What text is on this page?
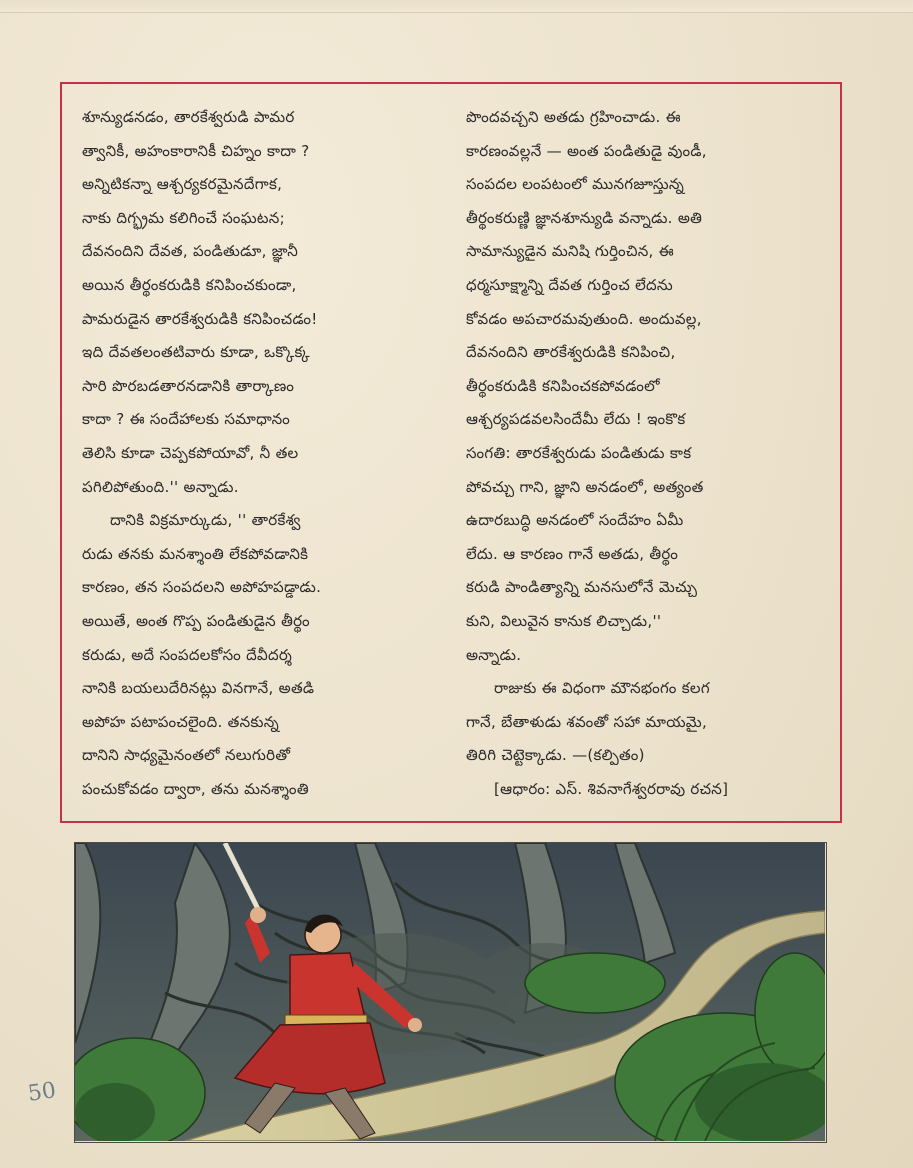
శూన్యుడనడం, తారకేశ్వరుడి పామర
త్వానికీ, అహంకారానికీ చిహ్నం కాదా ?
అన్నిటికన్నా ఆశ్చర్యకరమైనదేగాక,
నాకు దిగ్భ్రమ కలిగించే సంఘటన;
దేవనందిని దేవత, పండితుడూ, జ్ఞానీ
అయిన తీర్థంకరుడికి కనిపించకుండా,
పామరుడైన తారకేశ్వరుడికి కనిపించడం!
ఇది దేవతలంతటివారు కూడా, ఒక్కొక్క
సారి పొరబడతారనడానికి తార్కాణం
కాదా ? ఈ సందేహాలకు సమాధానం
తెలిసి కూడా చెప్పకపోయావో, నీ తల
పగిలిపోతుంది.'' అన్నాడు.
దానికి విక్రమార్కుడు, '' తారకేశ్వ
రుడు తనకు మనశ్శాంతి లేకపోవడానికి
కారణం, తన సంపదలని అపోహపడ్డాడు.
అయితే, అంత గొప్ప పండితుడైన తీర్థం
కరుడు, అదే సంపదలకోసం దేవీదర్శ
నానికి బయలుదేరినట్లు వినగానే, అతడి
అపోహ పటాపంచలైంది. తనకున్న
దానిని సాధ్యమైనంతలో నలుగురితో
పంచుకోవడం ద్వారా, తను మనశ్శాంతి
పొందవచ్చని అతడు గ్రహించాడు. ఈ
కారణంవల్లనే — అంత పండితుడై వుండీ,
సంపదల లంపటంలో మునగజూస్తున్న
తీర్థంకరుణ్ణి జ్ఞానశూన్యుడి వన్నాడు. అతి
సామాన్యుడైన మనిషి గుర్తించిన, ఈ
ధర్మసూక్ష్మాన్ని దేవత గుర్తించ లేదను
కోవడం అపచారమవుతుంది. అందువల్ల,
దేవనందిని తారకేశ్వరుడికి కనిపించి,
తీర్థంకరుడికి కనిపించకపోవడంలో
ఆశ్చర్యపడవలసిందేమీ లేదు ! ఇంకొక
సంగతి: తారకేశ్వరుడు పండితుడు కాక
పోవచ్చు గాని, జ్ఞాని అనడంలో, అత్యంత
ఉదారబుద్ధి అనడంలో సందేహం ఏమీ
లేదు. ఆ కారణం గానే అతడు, తీర్థం
కరుడి పాండిత్యాన్ని మనసులోనే మెచ్చు
కుని, విలువైన కానుక లిచ్చాడు,''
అన్నాడు.
రాజుకు ఈ విధంగా మౌనభంగం కలగ
గానే, బేతాళుడు శవంతో సహా మాయమై,
తిరిగి చెట్టెక్కాడు. —(కల్పితం)
[ఆధారం: ఎస్. శివనాగేశ్వరరావు రచన]
50
